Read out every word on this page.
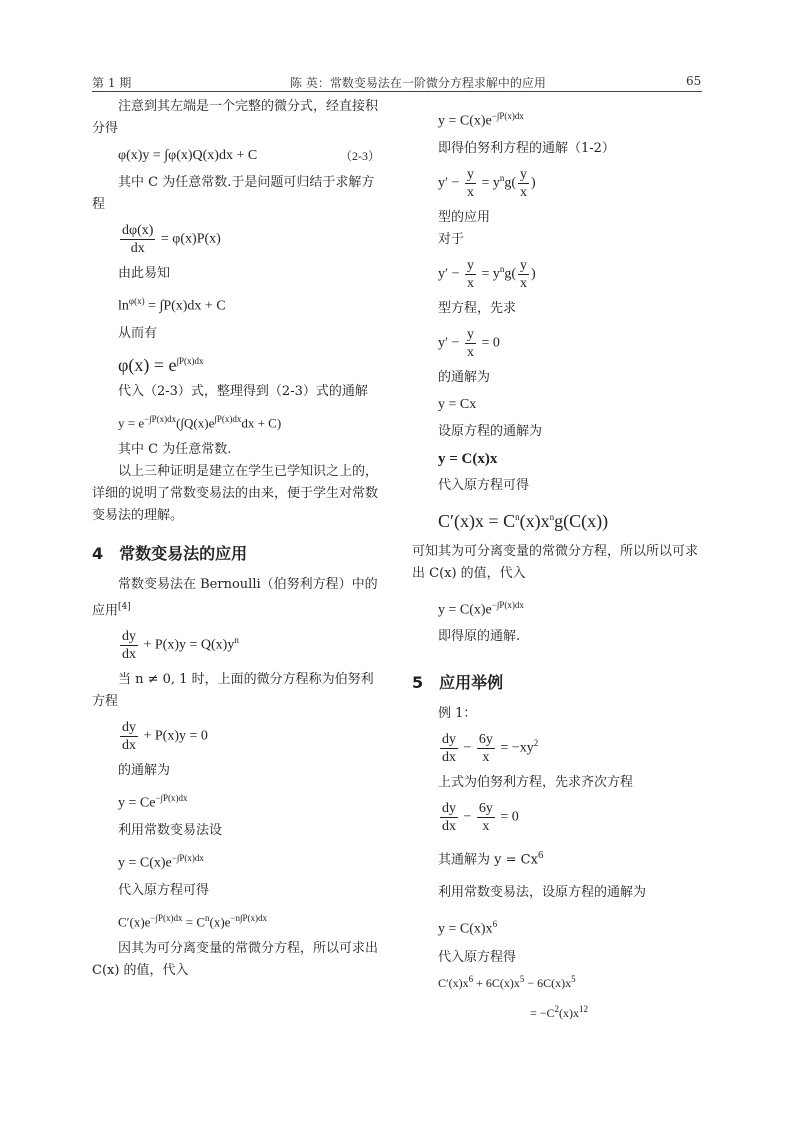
第 1 期	陈 英：常数变易法在一阶微分方程求解中的应用	65

注意到其左端是一个完整的微分式，经直接积分得

φ(x)y = ∫φ(x)Q(x)dx + C	（2-3）

其中 C 为任意常数.于是问题可归结于求解方程

$\frac{d\varphi(x)}{dx} = \varphi(x)P(x)$

由此易知

$\ln^{\varphi(x)} = \int P(x)dx + C$

从而有

$\varphi(x) = e^{\int P(x)dx}$

代入（2-3）式，整理得到（2-3）式的通解

$y = e^{-\int P(x)dx}(\int Q(x)e^{\int P(x)dx}dx + C)$

其中 C 为任意常数.

以上三种证明是建立在学生已学知识之上的，详细的说明了常数变易法的由来，便于学生对常数变易法的理解。

4　常数变易法的应用

常数变易法在 Bernoulli（伯努利方程）中的应用[4]

$\frac{dy}{dx} + P(x)y = Q(x)y^n$

当 n ≠ 0, 1 时，上面的微分方程称为伯努利方程

$\frac{dy}{dx} + P(x)y = 0$

的通解为

$y = Ce^{-\int P(x)dx}$

利用常数变易法设

$y = C(x)e^{-\int P(x)dx}$

代入原方程可得

$C'(x)e^{-\int P(x)dx} = C^n(x)e^{-n\int P(x)dx}$

因其为可分离变量的常微分方程，所以可求出 C(x) 的值，代入

$y = C(x)e^{-\int P(x)dx}$

即得伯努利方程的通解（1-2）

$y' - \frac{y}{x} = y^ng( \frac{y}{x}$ )

型的应用

对于

$y' - \frac{y}{x} = y^ng( \frac{y}{x}$ )

型方程，先求

$y' - \frac{y}{x} = 0$

的通解为

y = Cx

设原方程的通解为

y = C(x)x

代入原方程可得

$C'(x)x = C^n(x)x^ng(C(x))$

可知其为可分离变量的常微分方程，所以所以可求出 C(x) 的值，代入

$y = C(x)e^{-\int P(x)dx}$

即得原的通解.

5　应用举例

例 1：

$\frac{dy}{dx} - \frac{6y}{x} = -xy^2$

上式为伯努利方程，先求齐次方程

$\frac{dy}{dx} - \frac{6y}{x} = 0$

其通解为 $y = Cx^6$

利用常数变易法，设原方程的通解为

$y = C(x)x^6$

代入原方程得

$C'(x)x^6 + 6C(x)x^5 - 6C(x)x^5$
= $-C^2(x)x^{12}$
